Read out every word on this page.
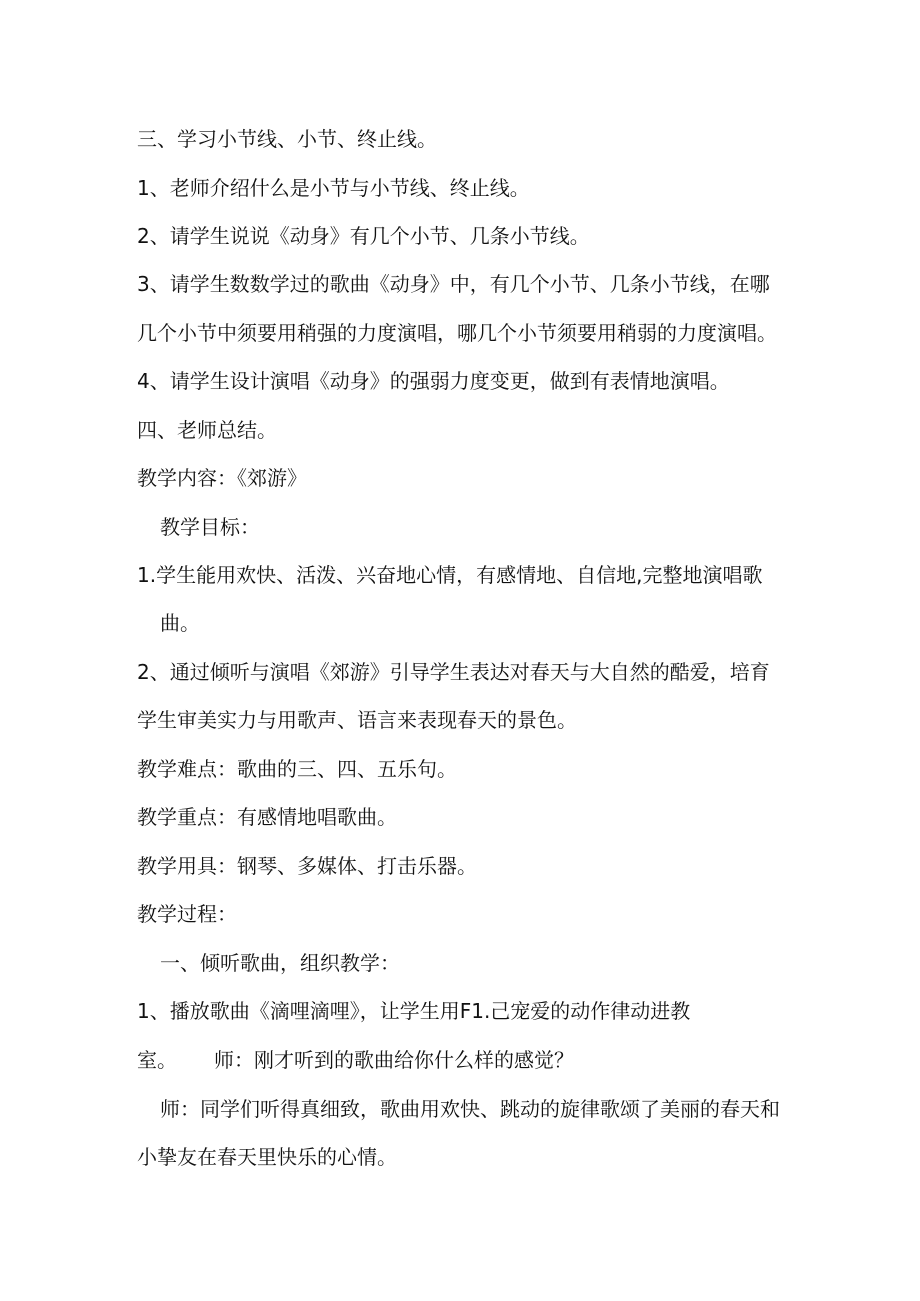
三、学习小节线、小节、终止线。

1、老师介绍什么是小节与小节线、终止线。

2、请学生说说《动身》有几个小节、几条小节线。

3、请学生数数学过的歌曲《动身》中，有几个小节、几条小节线，在哪

几个小节中须要用稍强的力度演唱，哪几个小节须要用稍弱的力度演唱。

4、请学生设计演唱《动身》的强弱力度变更，做到有表情地演唱。

四、老师总结。

教学内容：《郊游》

教学目标：

1.学生能用欢快、活泼、兴奋地心情，有感情地、自信地,完整地演唱歌

曲。

2、通过倾听与演唱《郊游》引导学生表达对春天与大自然的酷爱，培育

学生审美实力与用歌声、语言来表现春天的景色。

教学难点：歌曲的三、四、五乐句。

教学重点：有感情地唱歌曲。

教学用具：钢琴、多媒体、打击乐器。

教学过程：

一、倾听歌曲，组织教学：

1、播放歌曲《滴哩滴哩》，让学生用F1.己宠爱的动作律动进教

室。 师：刚才听到的歌曲给你什么样的感觉？

师：同学们听得真细致，歌曲用欢快、跳动的旋律歌颂了美丽的春天和

小挚友在春天里快乐的心情。
